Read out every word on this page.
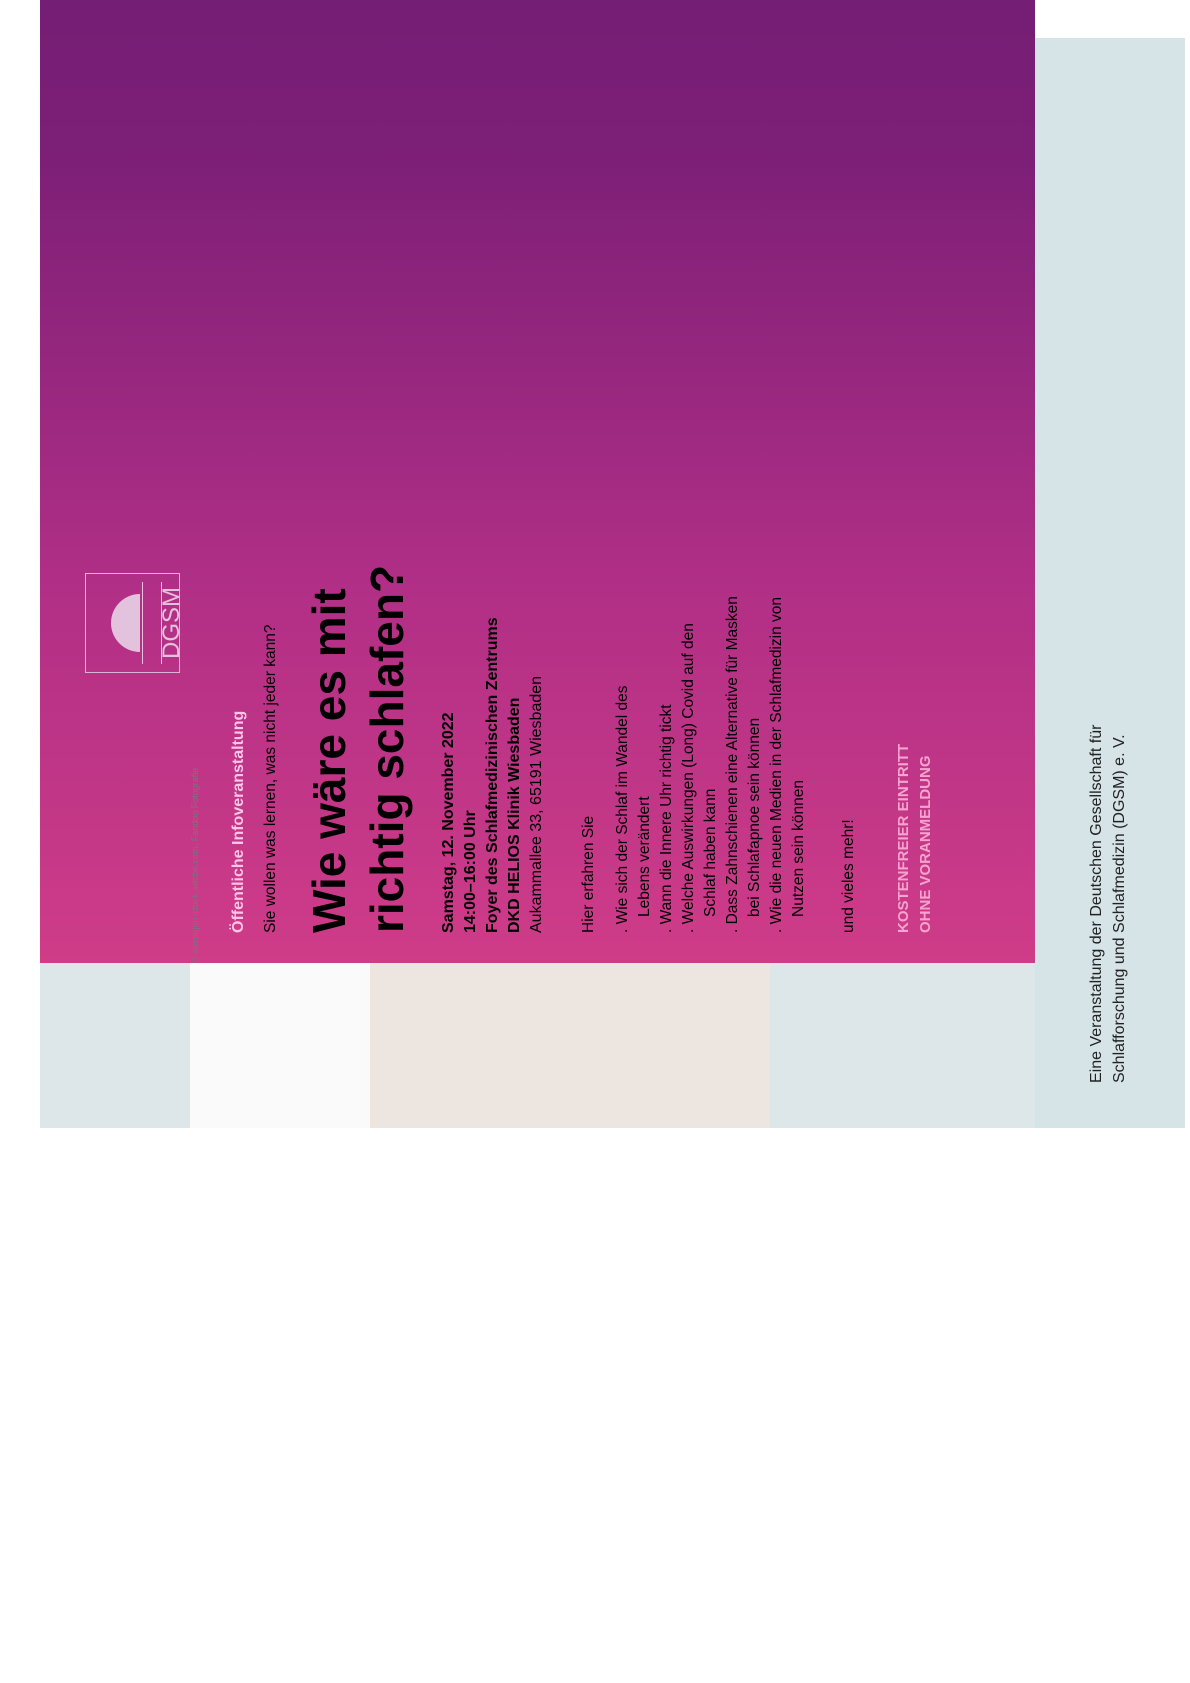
© anzelgen-stock.adobe.com, Fandoo Fotografie
DGSM
Öffentliche Infoveranstaltung Sie wollen was lernen, was nicht jeder kann? Wie wäre es mit richtig schlafen? Samstag, 12. November 2022 14:00–16:00 Uhr Foyer des Schlafmedizinischen Zentrums DKD HELIOS Klinik Wiesbaden Aukammallee 33, 65191 Wiesbaden Hier erfahren Sie . Wie sich der Schlaf im Wandel des Lebens verändert . Wann die Innere Uhr richtig tickt . Welche Auswirkungen (Long) Covid auf den Schlaf haben kann . Dass Zahnschienen eine Alternative für Masken bei Schlafapnoe sein können . Wie die neuen Medien in der Schlafmedizin von Nutzen sein können und vieles mehr!	KOSTENFREIER EINTRITT OHNE VORANMELDUNG	Eine Veranstaltung der Deutschen Gesellschaft für Schlafforschung und Schlafmedizin (DGSM) e. V.
